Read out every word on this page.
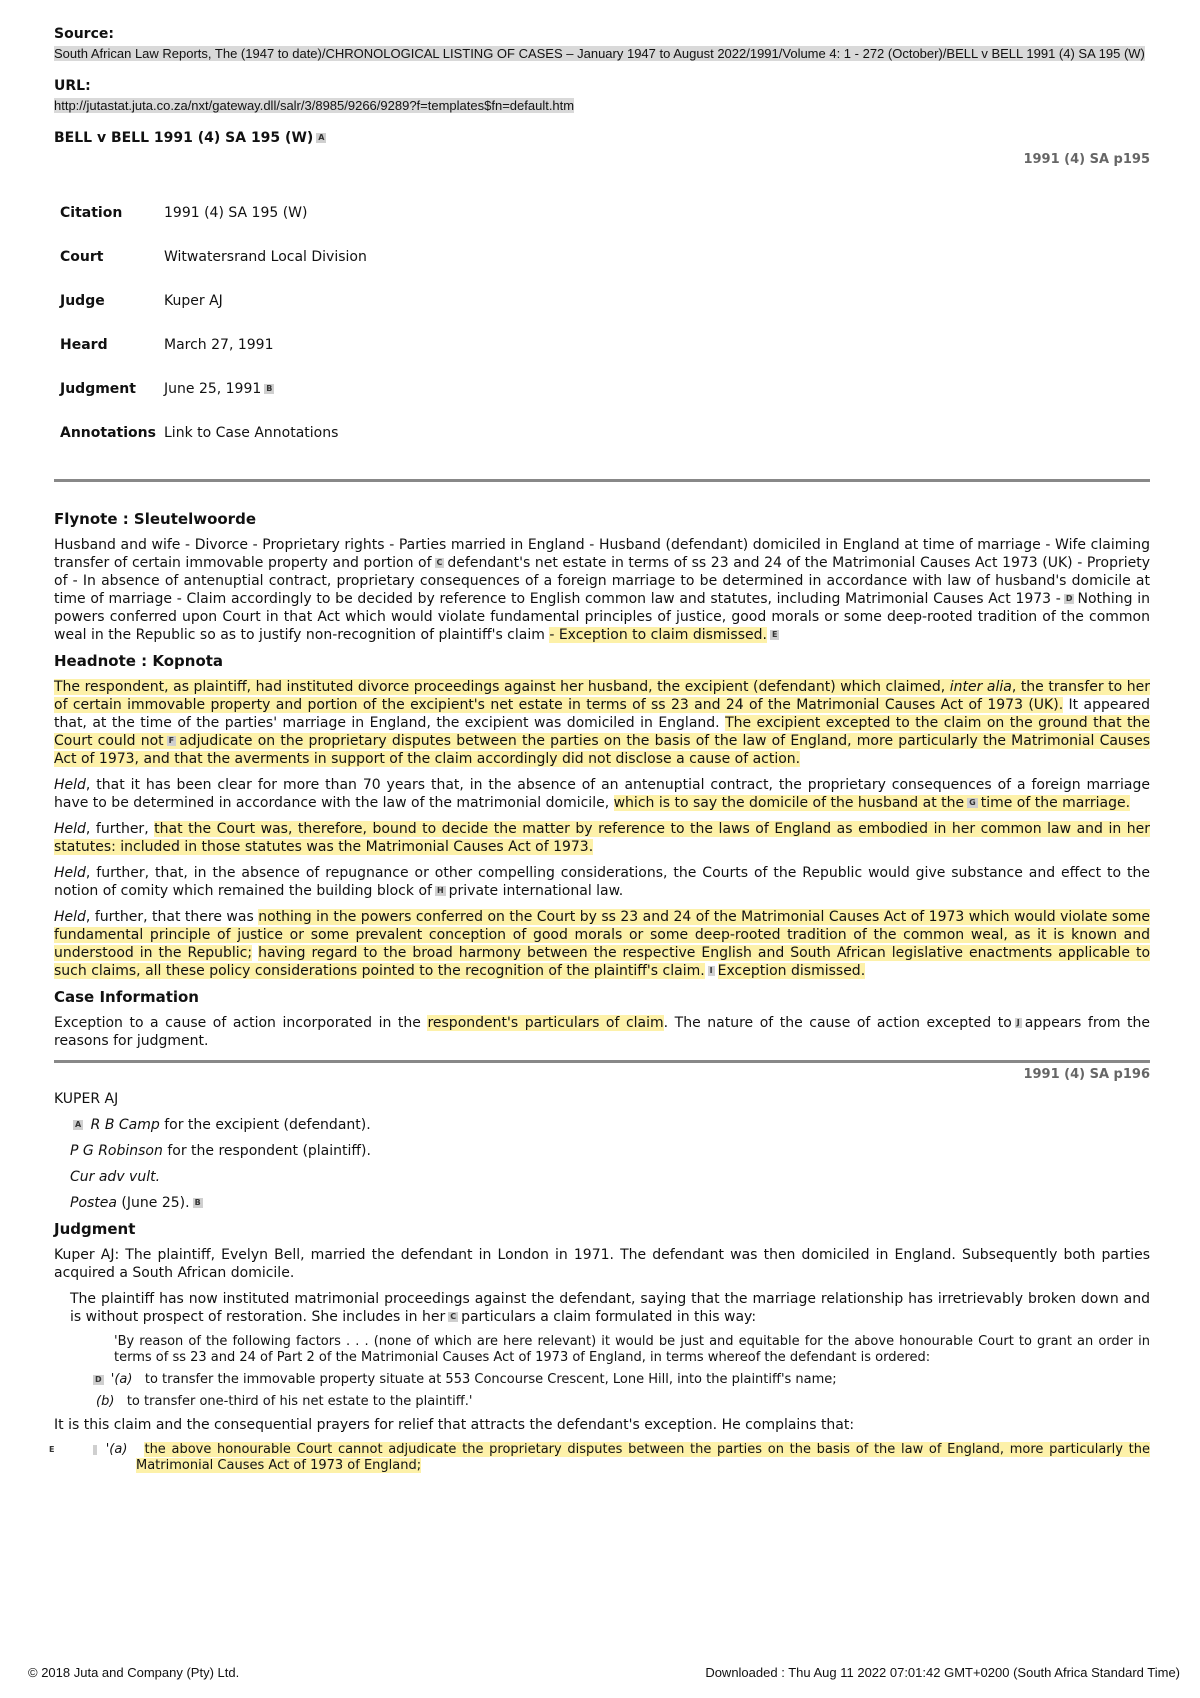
Source:
South African Law Reports, The (1947 to date)/CHRONOLOGICAL LISTING OF CASES – January 1947 to August 2022/1991/Volume 4: 1 - 272 (October)/BELL v BELL 1991 (4) SA 195 (W)
URL:
http://jutastat.juta.co.za/nxt/gateway.dll/salr/3/8985/9266/9289?f=templates$fn=default.htm
BELL v BELL 1991 (4) SA 195 (W) A
1991 (4) SA p195
Citation	1991 (4) SA 195 (W)
Court	Witwatersrand Local Division
Judge	Kuper AJ
Heard	March 27, 1991
Judgment	June 25, 1991 B
Annotations	Link to Case Annotations
Flynote : Sleutelwoorde

Husband and wife - Divorce - Proprietary rights - Parties married in England - Husband (defendant) domiciled in England at time of marriage - Wife claiming transfer of certain immovable property and portion of C defendant's net estate in terms of ss 23 and 24 of the Matrimonial Causes Act 1973 (UK) - Propriety of - In absence of antenuptial contract, proprietary consequences of a foreign marriage to be determined in accordance with law of husband's domicile at time of marriage - Claim accordingly to be decided by reference to English common law and statutes, including Matrimonial Causes Act 1973 - D Nothing in powers conferred upon Court in that Act which would violate fundamental principles of justice, good morals or some deep-rooted tradition of the common weal in the Republic so as to justify non-recognition of plaintiff's claim - Exception to claim dismissed. E

Headnote : Kopnota

The respondent, as plaintiff, had instituted divorce proceedings against her husband, the excipient (defendant) which claimed, inter alia, the transfer to her of certain immovable property and portion of the excipient's net estate in terms of ss 23 and 24 of the Matrimonial Causes Act of 1973 (UK). It appeared that, at the time of the parties' marriage in England, the excipient was domiciled in England. The excipient excepted to the claim on the ground that the Court could not F adjudicate on the proprietary disputes between the parties on the basis of the law of England, more particularly the Matrimonial Causes Act of 1973, and that the averments in support of the claim accordingly did not disclose a cause of action.

Held, that it has been clear for more than 70 years that, in the absence of an antenuptial contract, the proprietary consequences of a foreign marriage have to be determined in accordance with the law of the matrimonial domicile, which is to say the domicile of the husband at the G time of the marriage.

Held, further, that the Court was, therefore, bound to decide the matter by reference to the laws of England as embodied in her common law and in her statutes: included in those statutes was the Matrimonial Causes Act of 1973.

Held, further, that, in the absence of repugnance or other compelling considerations, the Courts of the Republic would give substance and effect to the notion of comity which remained the building block of H private international law.

Held, further, that there was nothing in the powers conferred on the Court by ss 23 and 24 of the Matrimonial Causes Act of 1973 which would violate some fundamental principle of justice or some prevalent conception of good morals or some deep-rooted tradition of the common weal, as it is known and understood in the Republic; having regard to the broad harmony between the respective English and South African legislative enactments applicable to such claims, all these policy considerations pointed to the recognition of the plaintiff's claim. I Exception dismissed.

Case Information

Exception to a cause of action incorporated in the respondent's particulars of claim. The nature of the cause of action excepted to J appears from the reasons for judgment.

1991 (4) SA p196

KUPER AJ

A R B Camp for the excipient (defendant).

P G Robinson for the respondent (plaintiff).

Cur adv vult.

Postea (June 25). B

Judgment

Kuper AJ: The plaintiff, Evelyn Bell, married the defendant in London in 1971. The defendant was then domiciled in England. Subsequently both parties acquired a South African domicile.

The plaintiff has now instituted matrimonial proceedings against the defendant, saying that the marriage relationship has irretrievably broken down and is without prospect of restoration. She includes in her C particulars a claim formulated in this way:

'By reason of the following factors . . . (none of which are here relevant) it would be just and equitable for the above honourable Court to grant an order in terms of ss 23 and 24 of Part 2 of the Matrimonial Causes Act of 1973 of England, in terms whereof the defendant is ordered:
D '(a) to transfer the immovable property situate at 553 Concourse Crescent, Lone Hill, into the plaintiff's name;
(b) to transfer one-third of his net estate to the plaintiff.'

It is this claim and the consequential prayers for relief that attracts the defendant's exception. He complains that:

E	'(a) the above honourable Court cannot adjudicate the proprietary disputes between the parties on the basis of the law of England, more particularly the Matrimonial Causes Act of 1973 of England;
© 2018 Juta and Company (Pty) Ltd.	Downloaded : Thu Aug 11 2022 07:01:42 GMT+0200 (South Africa Standard Time)
